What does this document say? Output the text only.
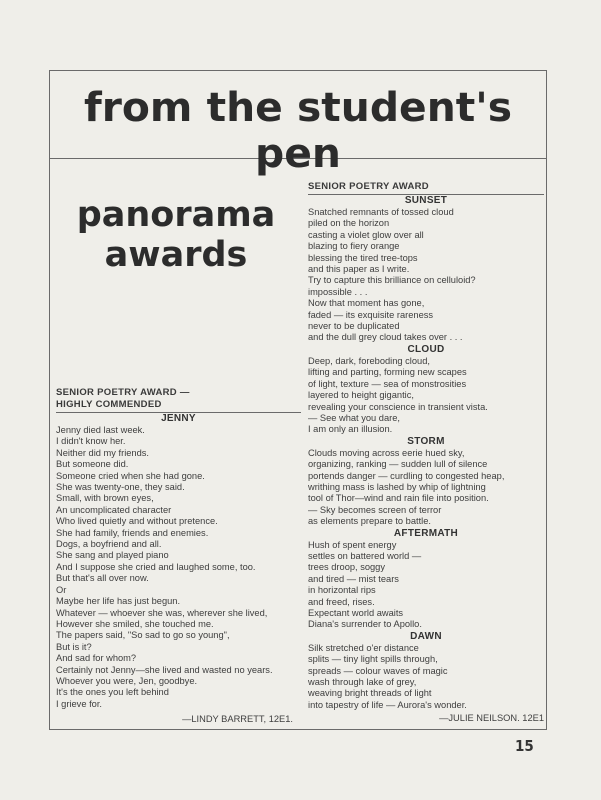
from the student's pen
panorama
awards
SENIOR POETRY AWARD —
HIGHLY COMMENDED
JENNY
Jenny died last week.
I didn't know her.
Neither did my friends.
But someone did.
Someone cried when she had gone.
She was twenty-one, they said.
Small, with brown eyes,
An uncomplicated character
Who lived quietly and without pretence.
She had family, friends and enemies.
Dogs, a boyfriend and all.
She sang and played piano
And I suppose she cried and laughed some, too.
But that's all over now.
Or
Maybe her life has just begun.
Whatever — whoever she was, wherever she lived,
However she smiled, she touched me.
The papers said, "So sad to go so young",
But is it?
And sad for whom?
Certainly not Jenny—she lived and wasted no years.
Whoever you were, Jen, goodbye.
It's the ones you left behind
I grieve for.
—LINDY BARRETT, 12E1.
SENIOR POETRY AWARD
SUNSET
Snatched remnants of tossed cloud
piled on the horizon
casting a violet glow over all
blazing to fiery orange
blessing the tired tree-tops
and this paper as I write.
Try to capture this brilliance on celluloid?
impossible . . .
Now that moment has gone,
faded — its exquisite rareness
never to be duplicated
and the dull grey cloud takes over . . .
CLOUD
Deep, dark, foreboding cloud,
lifting and parting, forming new scapes
of light, texture — sea of monstrosities
layered to height gigantic,
revealing your conscience in transient vista.
— See what you dare,
I am only an illusion.
STORM
Clouds moving across eerie hued sky,
organizing, ranking — sudden lull of silence
portends danger — curdling to congested heap,
writhing mass is lashed by whip of lightning
tool of Thor—wind and rain file into position.
— Sky becomes screen of terror
as elements prepare to battle.
AFTERMATH
Hush of spent energy
settles on battered world —
trees droop, soggy
and tired — mist tears
in horizontal rips
and freed, rises.
Expectant world awaits
Diana's surrender to Apollo.
DAWN
Silk stretched o'er distance
splits — tiny light spills through,
spreads — colour waves of magic
wash through lake of grey,
weaving bright threads of light
into tapestry of life — Aurora's wonder.
—JULIE NEILSON. 12E1
15
